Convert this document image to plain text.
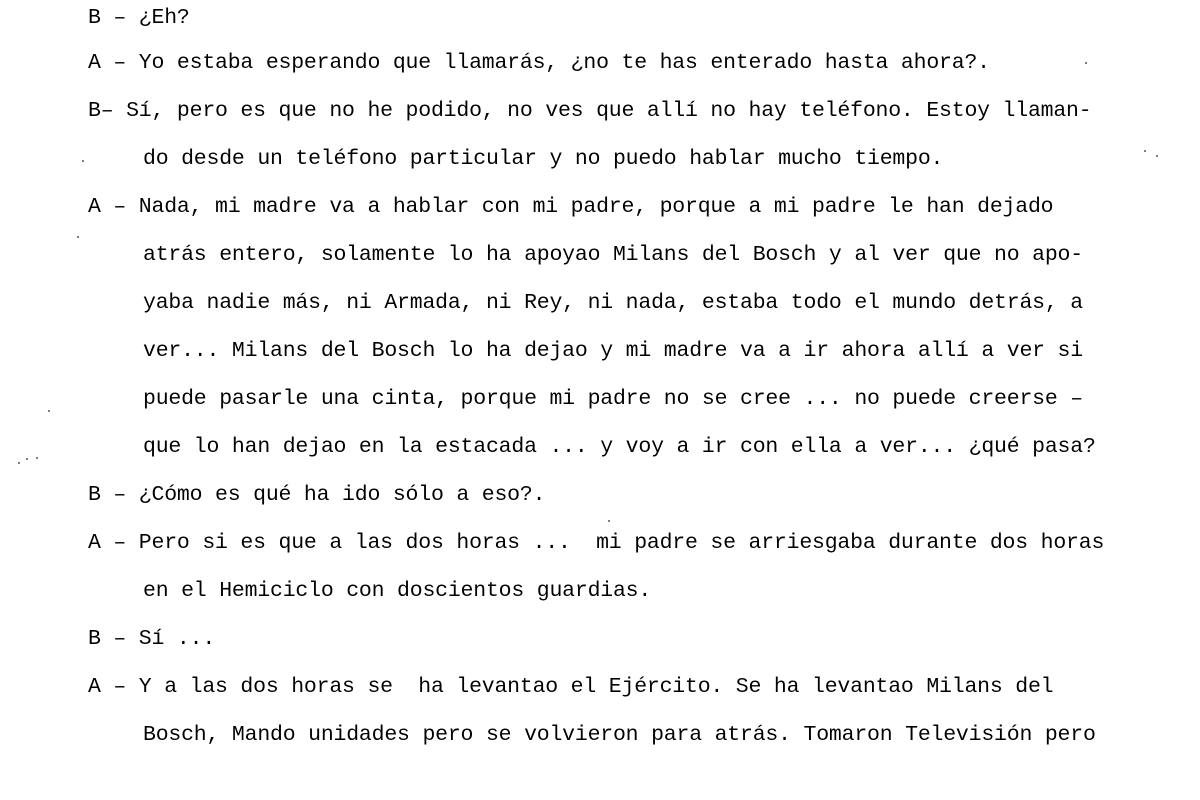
B – ¿Eh?
A – Yo estaba esperando que llamarás, ¿no te has enterado hasta ahora?.
B– Sí, pero es que no he podido, no ves que allí no hay teléfono. Estoy llaman-
do desde un teléfono particular y no puedo hablar mucho tiempo.
A – Nada, mi madre va a hablar con mi padre, porque a mi padre le han dejado
atrás entero, solamente lo ha apoyao Milans del Bosch y al ver que no apo-
yaba nadie más, ni Armada, ni Rey, ni nada, estaba todo el mundo detrás, a
ver... Milans del Bosch lo ha dejao y mi madre va a ir ahora allí a ver si
puede pasarle una cinta, porque mi padre no se cree ... no puede creerse –
que lo han dejao en la estacada ... y voy a ir con ella a ver... ¿qué pasa?
B – ¿Cómo es qué ha ido sólo a eso?.
A – Pero si es que a las dos horas ...  mi padre se arriesgaba durante dos horas
en el Hemiciclo con doscientos guardias.
B – Sí ...
A – Y a las dos horas se  ha levantao el Ejército. Se ha levantao Milans del
Bosch, Mando unidades pero se volvieron para atrás. Tomaron Televisión pero
